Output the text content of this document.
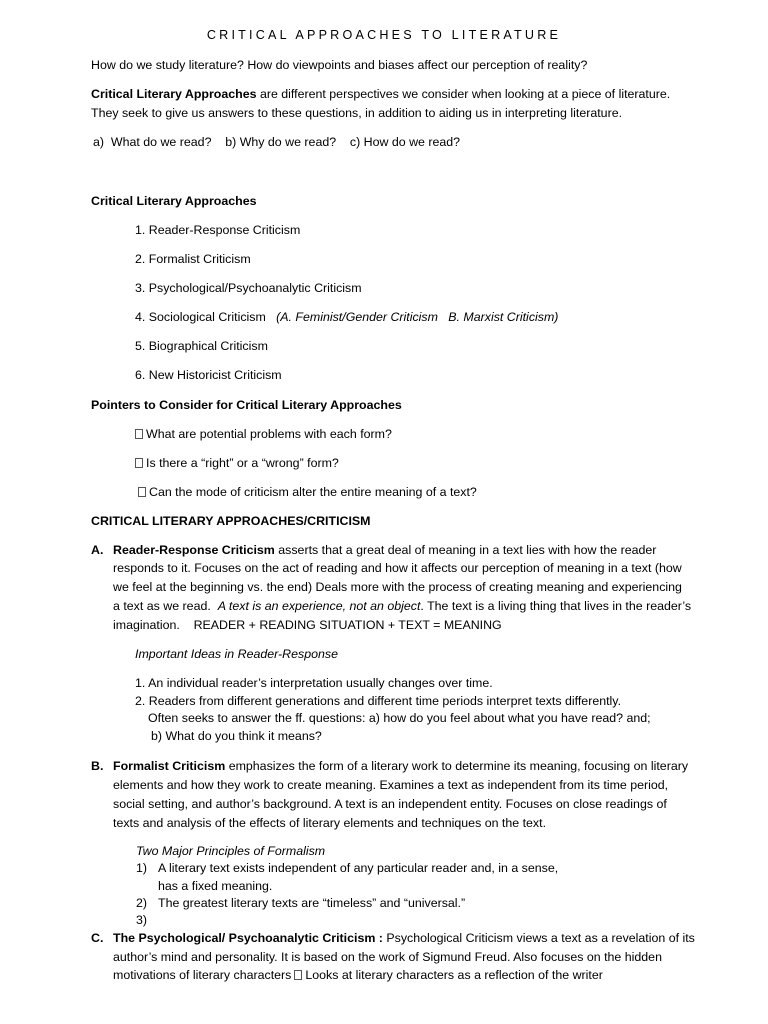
CRITICAL APPROACHES TO LITERATURE
How do we study literature? How do viewpoints and biases affect our perception of reality?
Critical Literary Approaches are different perspectives we consider when looking at a piece of literature.
They seek to give us answers to these questions, in addition to aiding us in interpreting literature.
a)  What do we read?    b) Why do we read?    c) How do we read?
Critical Literary Approaches
1. Reader-Response Criticism
2. Formalist Criticism
3. Psychological/Psychoanalytic Criticism
4. Sociological Criticism (A. Feminist/Gender Criticism   B. Marxist Criticism)
5. Biographical Criticism
6. New Historicist Criticism
Pointers to Consider for Critical Literary Approaches
What are potential problems with each form?
Is there a “right” or a “wrong” form?
Can the mode of criticism alter the entire meaning of a text?
CRITICAL LITERARY APPROACHES/CRITICISM
A. Reader-Response Criticism asserts that a great deal of meaning in a text lies with how the reader
responds to it. Focuses on the act of reading and how it affects our perception of meaning in a text (how
we feel at the beginning vs. the end) Deals more with the process of creating meaning and experiencing
a text as we read.  A text is an experience, not an object. The text is a living thing that lives in the reader’s
imagination.    READER + READING SITUATION + TEXT = MEANING
Important Ideas in Reader-Response
1. An individual reader’s interpretation usually changes over time.
2. Readers from different generations and different time periods interpret texts differently.
Often seeks to answer the ff. questions: a) how do you feel about what you have read? and;
b) What do you think it means?
B. Formalist Criticism emphasizes the form of a literary work to determine its meaning, focusing on literary
elements and how they work to create meaning. Examines a text as independent from its time period,
social setting, and author’s background. A text is an independent entity. Focuses on close readings of
texts and analysis of the effects of literary elements and techniques on the text.
Two Major Principles of Formalism
1) A literary text exists independent of any particular reader and, in a sense,
has a fixed meaning.
2) The greatest literary texts are “timeless” and “universal.”
3)
C. The Psychological/ Psychoanalytic Criticism : Psychological Criticism views a text as a revelation of its
author’s mind and personality. It is based on the work of Sigmund Freud. Also focuses on the hidden
motivations of literary characters Looks at literary characters as a reflection of the writer
